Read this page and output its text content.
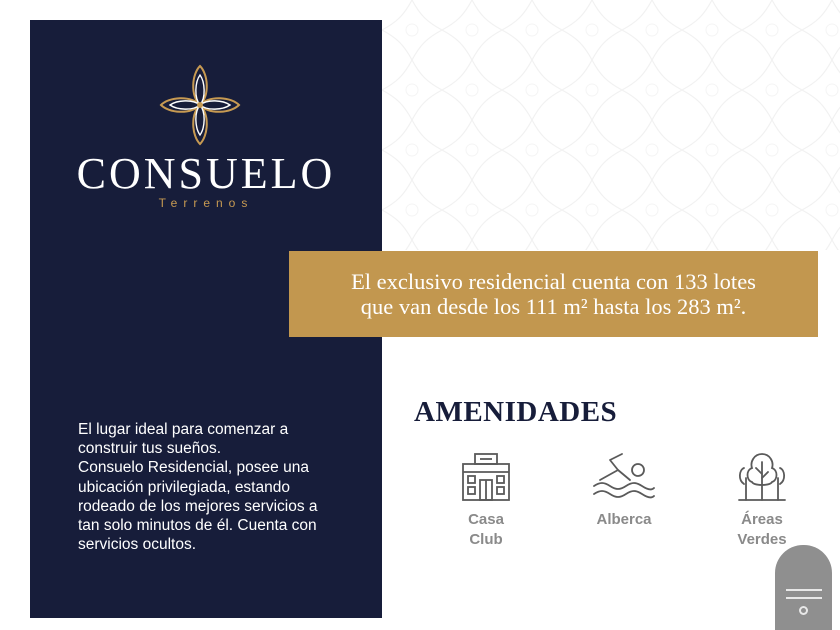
CONSUELO
Terrenos

El lugar ideal para comenzar a construir tus sueños.

Consuelo Residencial, posee una ubicación privilegiada, estando rodeado de los mejores servicios a tan solo minutos de él. Cuenta con servicios ocultos.

El exclusivo residencial cuenta con 133 lotes
que van desde los 111 m² hasta los 283 m².
AMENIDADES
Casa
Club
Alberca	Áreas
Verdes
